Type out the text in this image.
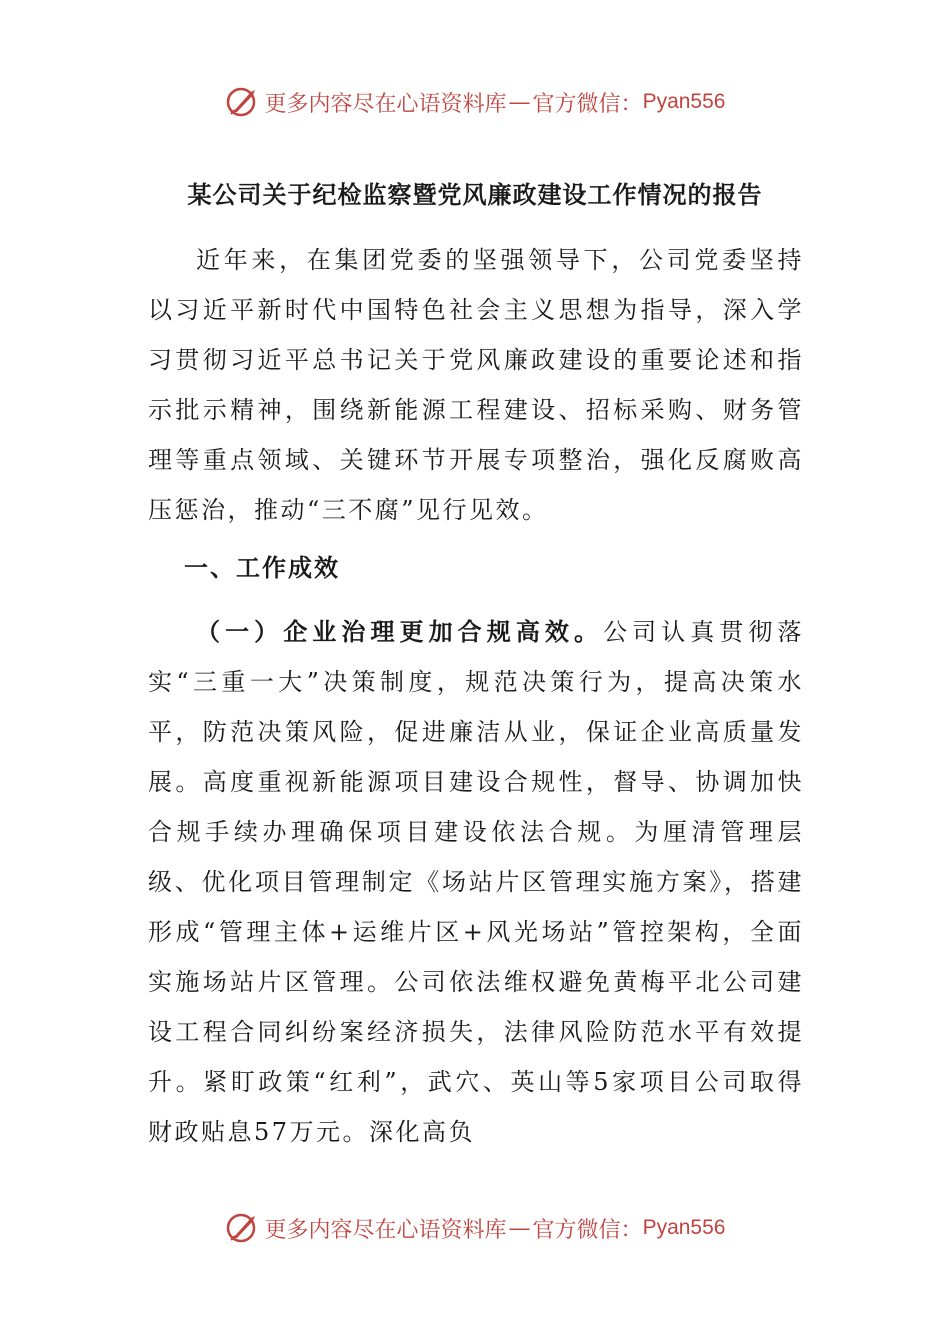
更多内容尽在心语资料库 — 官方微信： Pyan556
某公司关于纪检监察暨党风廉政建设工作情况的报告

近年来，在集团党委的坚强领导下，公司党委坚持以习近平新时代中国特色社会主义思想为指导，深入学习贯彻习近平总书记关于党风廉政建设的重要论述和指示批示精神，围绕新能源工程建设、招标采购、财务管理等重点领域、关键环节开展专项整治，强化反腐败高压惩治，推动“三不腐”见行见效。

一、工作成效

（一）企业治理更加合规高效。公司认真贯彻落实“三重一大”决策制度，规范决策行为，提高决策水平，防范决策风险，促进廉洁从业，保证企业高质量发展。高度重视新能源项目建设合规性，督导、协调加快合规手续办理确保项目建设依法合规。为厘清管理层级、优化项目管理制定《场站片区管理实施方案》，搭建形成“管理主体+运维片区+风光场站”管控架构，全面实施场站片区管理。公司依法维权避免黄梅平北公司建设工程合同纠纷案经济损失，法律风险防范水平有效提升。紧盯政策“红利”，武穴、英山等5家项目公司取得财政贴息57万元。深化高负

更多内容尽在心语资料库 — 官方微信： Pyan556
